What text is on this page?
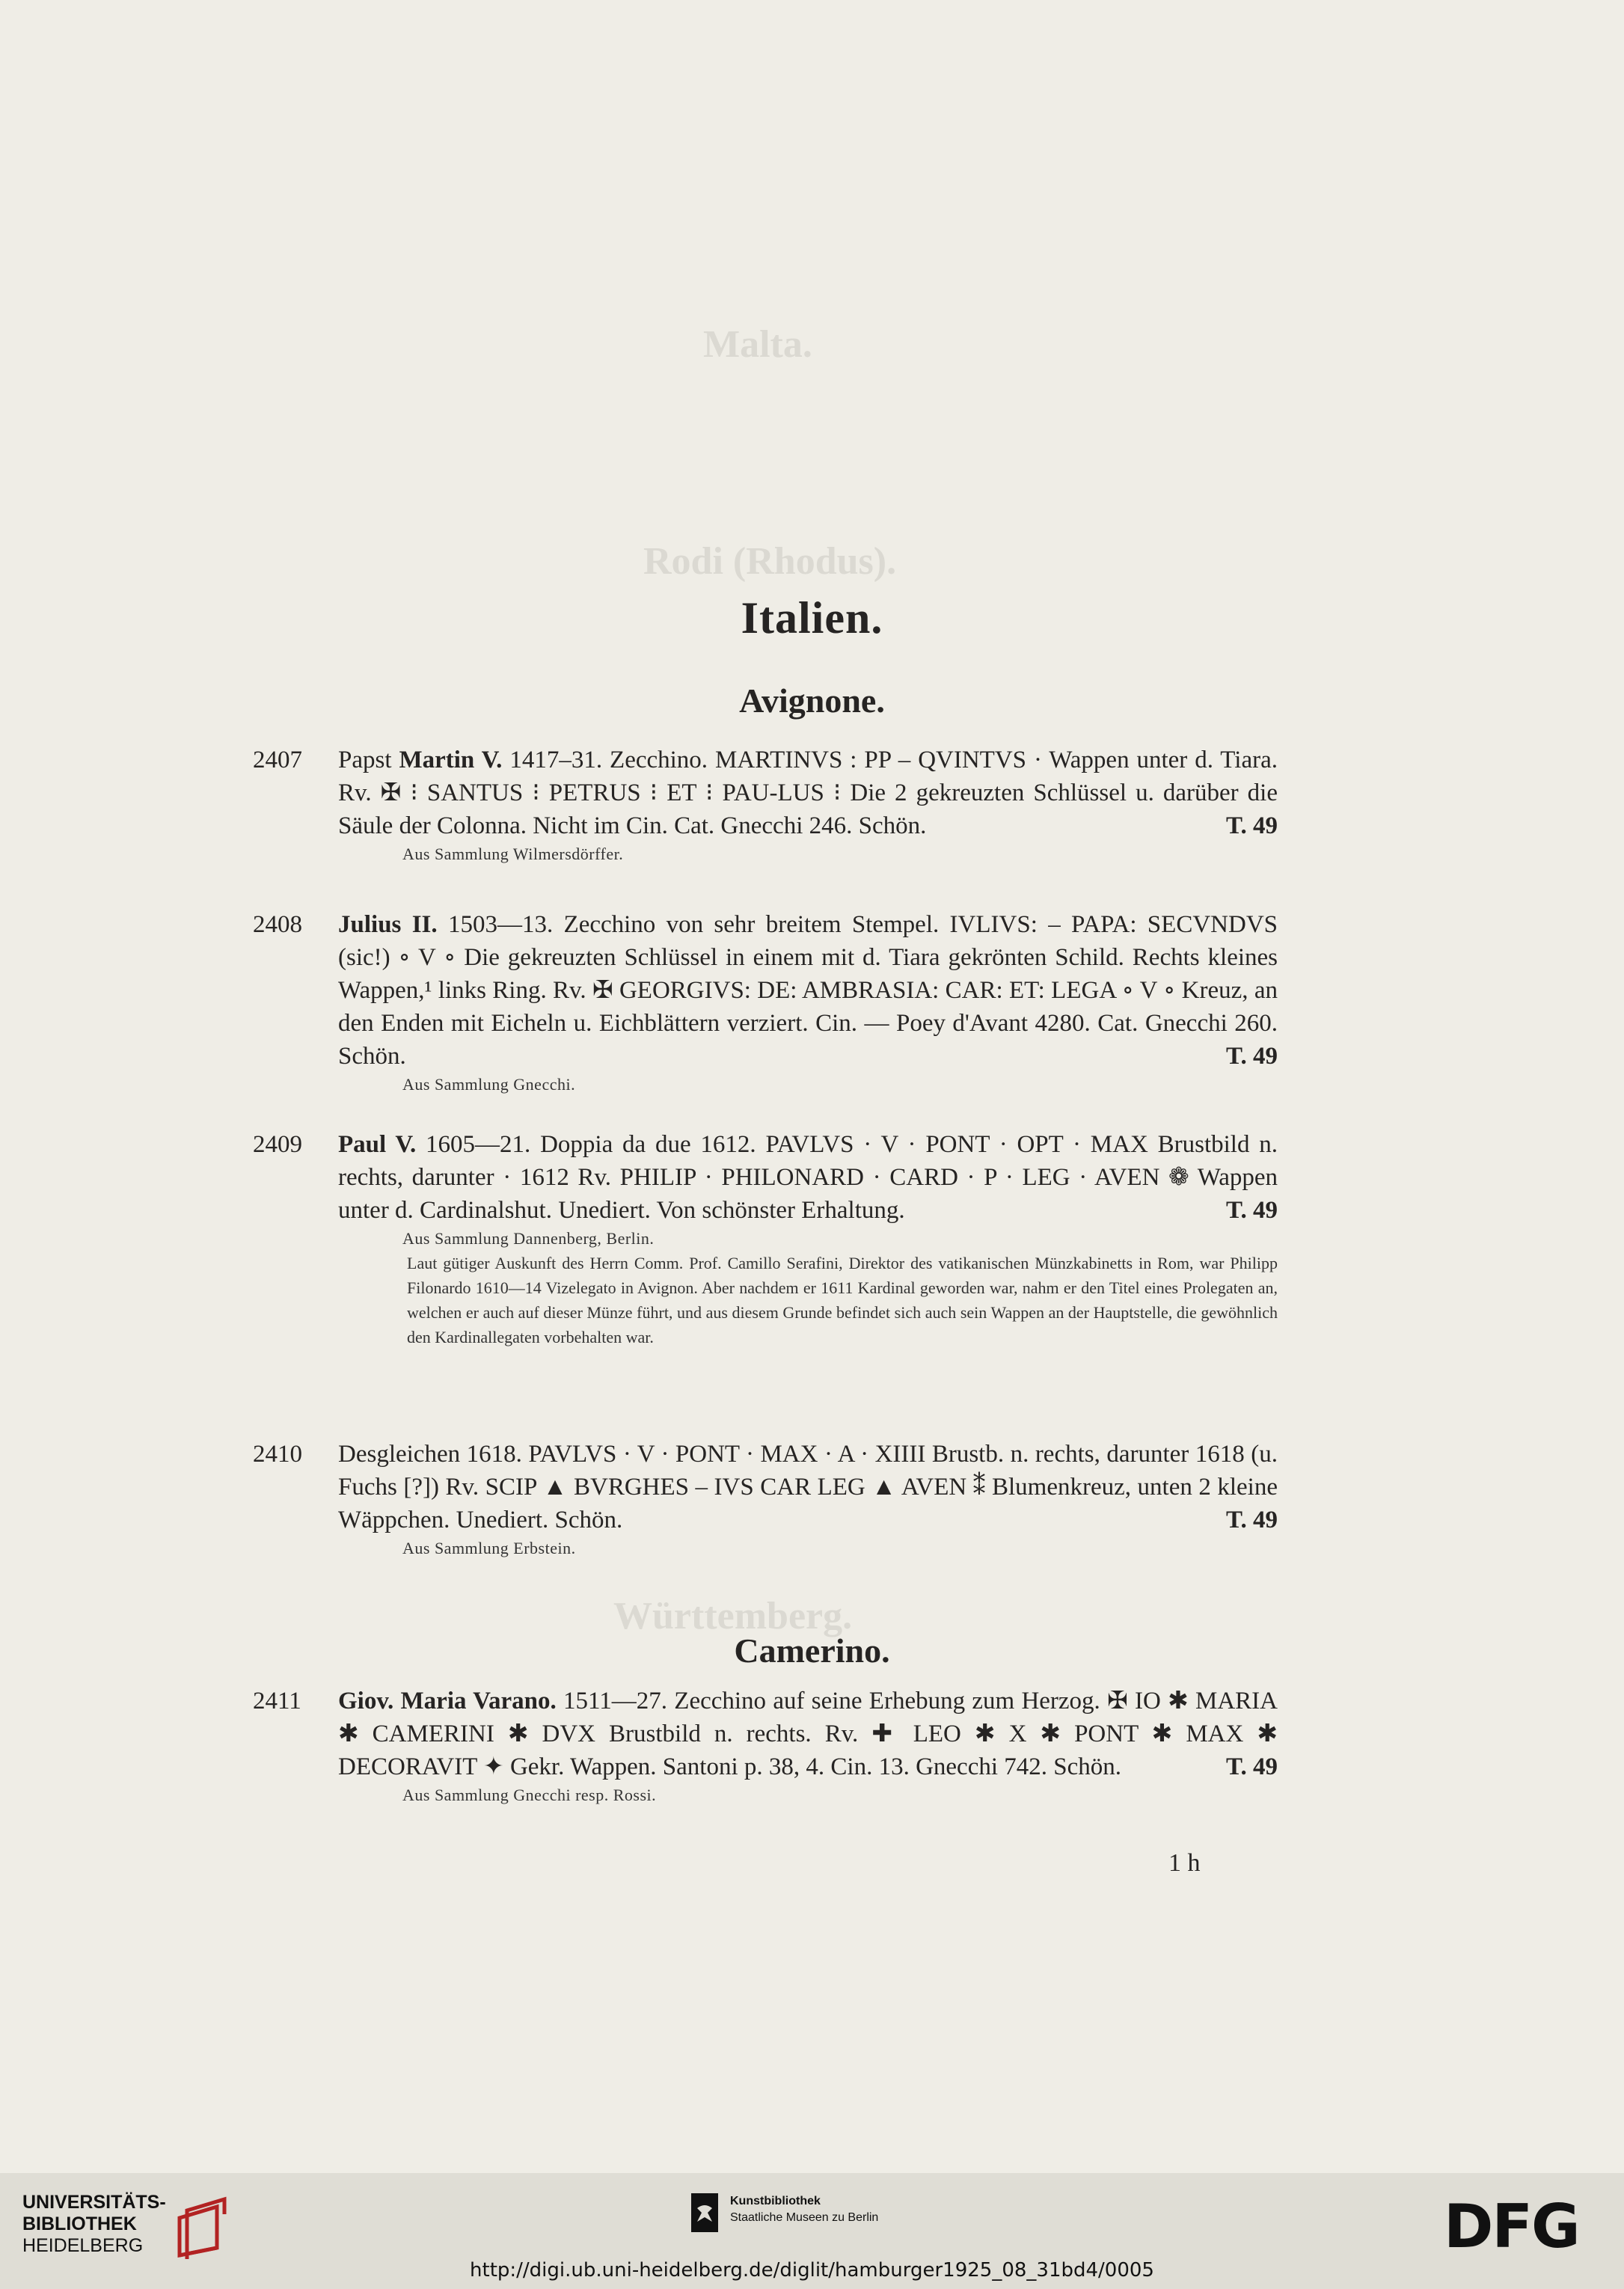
Malta.

Rodi (Rhodus).
Württemberg.
Italien.
Avignone.
2407 Papst Martin V. 1417–31. Zecchino. MARTINVS : PP – QVINTVS · Wappen unter d. Tiara. Rv. ✠ ⁝ SANTUS ⁝ PETRUS ⁝ ET ⁝ PAU-LUS ⁝ Die 2 gekreuzten Schlüssel u. darüber die Säule der Colonna. Nicht im Cin. Cat. Gnecchi 246. Schön.	T. 49
Aus Sammlung Wilmersdörffer.
2408 Julius II. 1503—13. Zecchino von sehr breitem Stempel. IVLIVS: – PAPA: SECVNDVS (sic!) ∘ V ∘ Die gekreuzten Schlüssel in einem mit d. Tiara gekrönten Schild. Rechts kleines Wappen,¹ links Ring. Rv. ✠ GEORGIVS: DE: AMBRASIA: CAR: ET: LEGA ∘ V ∘ Kreuz, an den Enden mit Eicheln u. Eichblättern verziert. Cin. — Poey d'Avant 4280. Cat. Gnecchi 260. Schön.	T. 49
Aus Sammlung Gnecchi.
2409 Paul V. 1605—21. Doppia da due 1612. PAVLVS · V · PONT · OPT · MAX Brustbild n. rechts, darunter · 1612 Rv. PHILIP · PHILONARD · CARD · P · LEG · AVEN ❁ Wappen unter d. Cardinalshut. Unediert. Von schönster Erhaltung.	T. 49
Aus Sammlung Dannenberg, Berlin.
Laut gütiger Auskunft des Herrn Comm. Prof. Camillo Serafini, Direktor des vatikanischen Münzkabinetts in Rom, war Philipp Filonardo 1610—14 Vizelegato in Avignon. Aber nachdem er 1611 Kardinal geworden war, nahm er den Titel eines Prolegaten an, welchen er auch auf dieser Münze führt, und aus diesem Grunde befindet sich auch sein Wappen an der Hauptstelle, die gewöhnlich den Kardinallegaten vorbehalten war.
2410 Desgleichen 1618. PAVLVS · V · PONT · MAX · A · XIIII Brustb. n. rechts, darunter 1618 (u. Fuchs [?]) Rv. SCIP ▲ BVRGHES – IVS CAR LEG ▲ AVEN ⁑ Blumenkreuz, unten 2 kleine Wäppchen. Unediert. Schön.	T. 49
Aus Sammlung Erbstein.
Camerino.
2411 Giov. Maria Varano. 1511—27. Zecchino auf seine Erhebung zum Herzog. ✠ IO ✱ MARIA ✱ CAMERINI ✱ DVX Brustbild n. rechts. Rv. ✚ LEO ✱ X ✱ PONT ✱ MAX ✱ DECORAVIT ✦ Gekr. Wappen. Santoni p. 38, 4. Cin. 13. Gnecchi 742. Schön.	T. 49
Aus Sammlung Gnecchi resp. Rossi.
1 h
UNIVERSITÄTS-
BIBLIOTHEK
HEIDELBERG
Kunstbibliothek
Staatliche Museen zu Berlin	DFG
http://digi.ub.uni-heidelberg.de/diglit/hamburger1925_08_31bd4/0005
